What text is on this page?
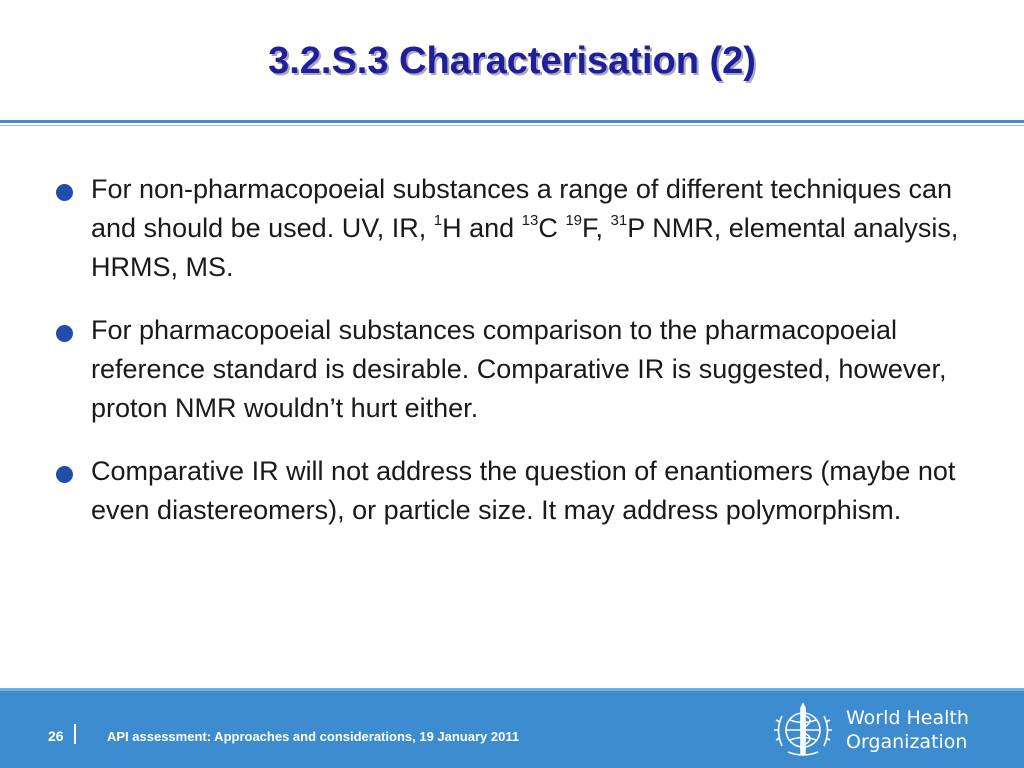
3.2.S.3 Characterisation (2)
For non-pharmacopoeial substances a range of different techniques can and should be used. UV, IR, $^1$H and $^{13}$C $^{19}$F, $^{31}$P NMR, elemental analysis, HRMS, MS.
For pharmacopoeial substances comparison to the pharmacopoeial reference standard is desirable. Comparative IR is suggested, however, proton NMR wouldn’t hurt either.
Comparative IR will not address the question of enantiomers (maybe not even diastereomers), or particle size. It may address polymorphism.
26	API assessment: Approaches and considerations, 19 January 2011
World Health
Organization
